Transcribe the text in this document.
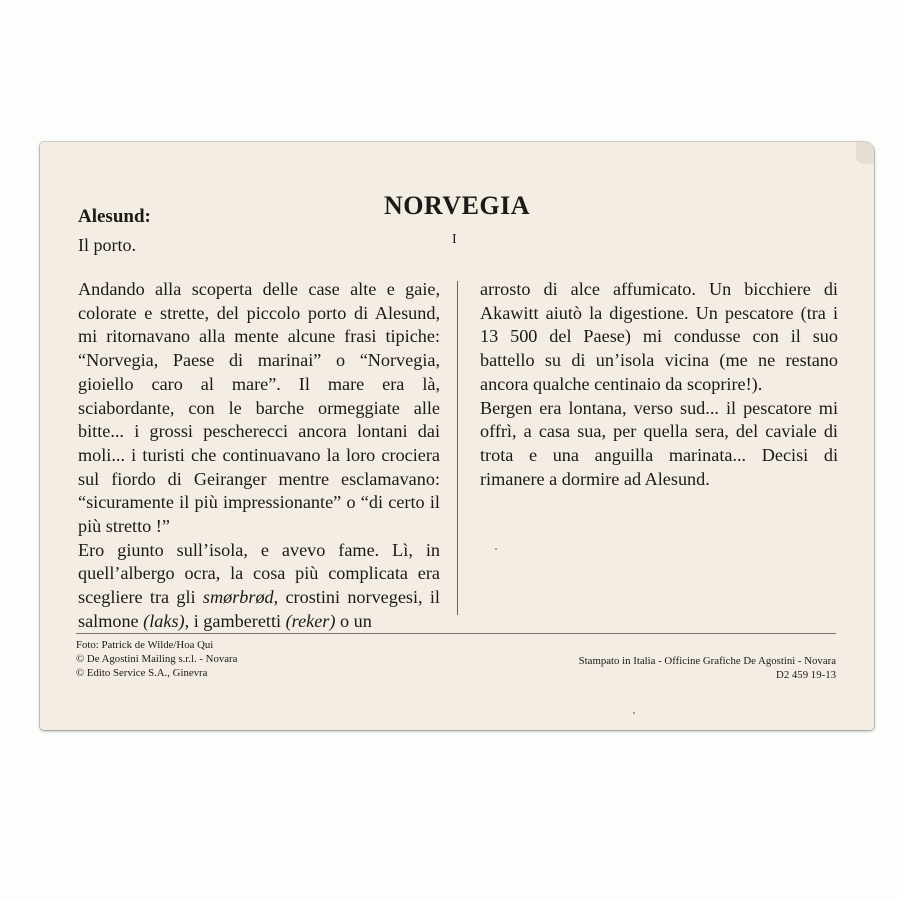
NORVEGIA
I
Alesund:
Il porto.

Andando alla scoperta delle case alte e gaie, colorate e strette, del piccolo porto di Alesund, mi ritornavano alla mente alcune frasi tipiche: “Norvegia, Paese di marinai” o “Norvegia, gioiello caro al mare”. Il mare era là, sciabordante, con le barche ormeggiate alle bitte... i grossi pescherecci ancora lontani dai moli... i turisti che continuavano la loro crociera sul fiordo di Geiranger mentre esclamavano: “sicuramente il più impressionante” o “di certo il più stretto !”

Ero giunto sull’isola, e avevo fame. Lì, in quell’albergo ocra, la cosa più complicata era scegliere tra gli smørbrød, crostini norvegesi, il salmone (laks), i gamberetti (reker) o un

arrosto di alce affumicato. Un bicchiere di Akawitt aiutò la digestione. Un pescatore (tra i 13 500 del Paese) mi condusse con il suo battello su di un’isola vicina (me ne restano ancora qualche centinaio da scoprire!).

Bergen era lontana, verso sud... il pescatore mi offrì, a casa sua, per quella sera, del caviale di trota e una anguilla marinata... Decisi di rimanere a dormire ad Alesund.

Foto: Patrick de Wilde/Hoa Qui
© De Agostini Mailing s.r.l. - Novara
© Edito Service S.A., Ginevra
Stampato in Italia - Officine Grafiche De Agostini - Novara
D2 459 19-13
